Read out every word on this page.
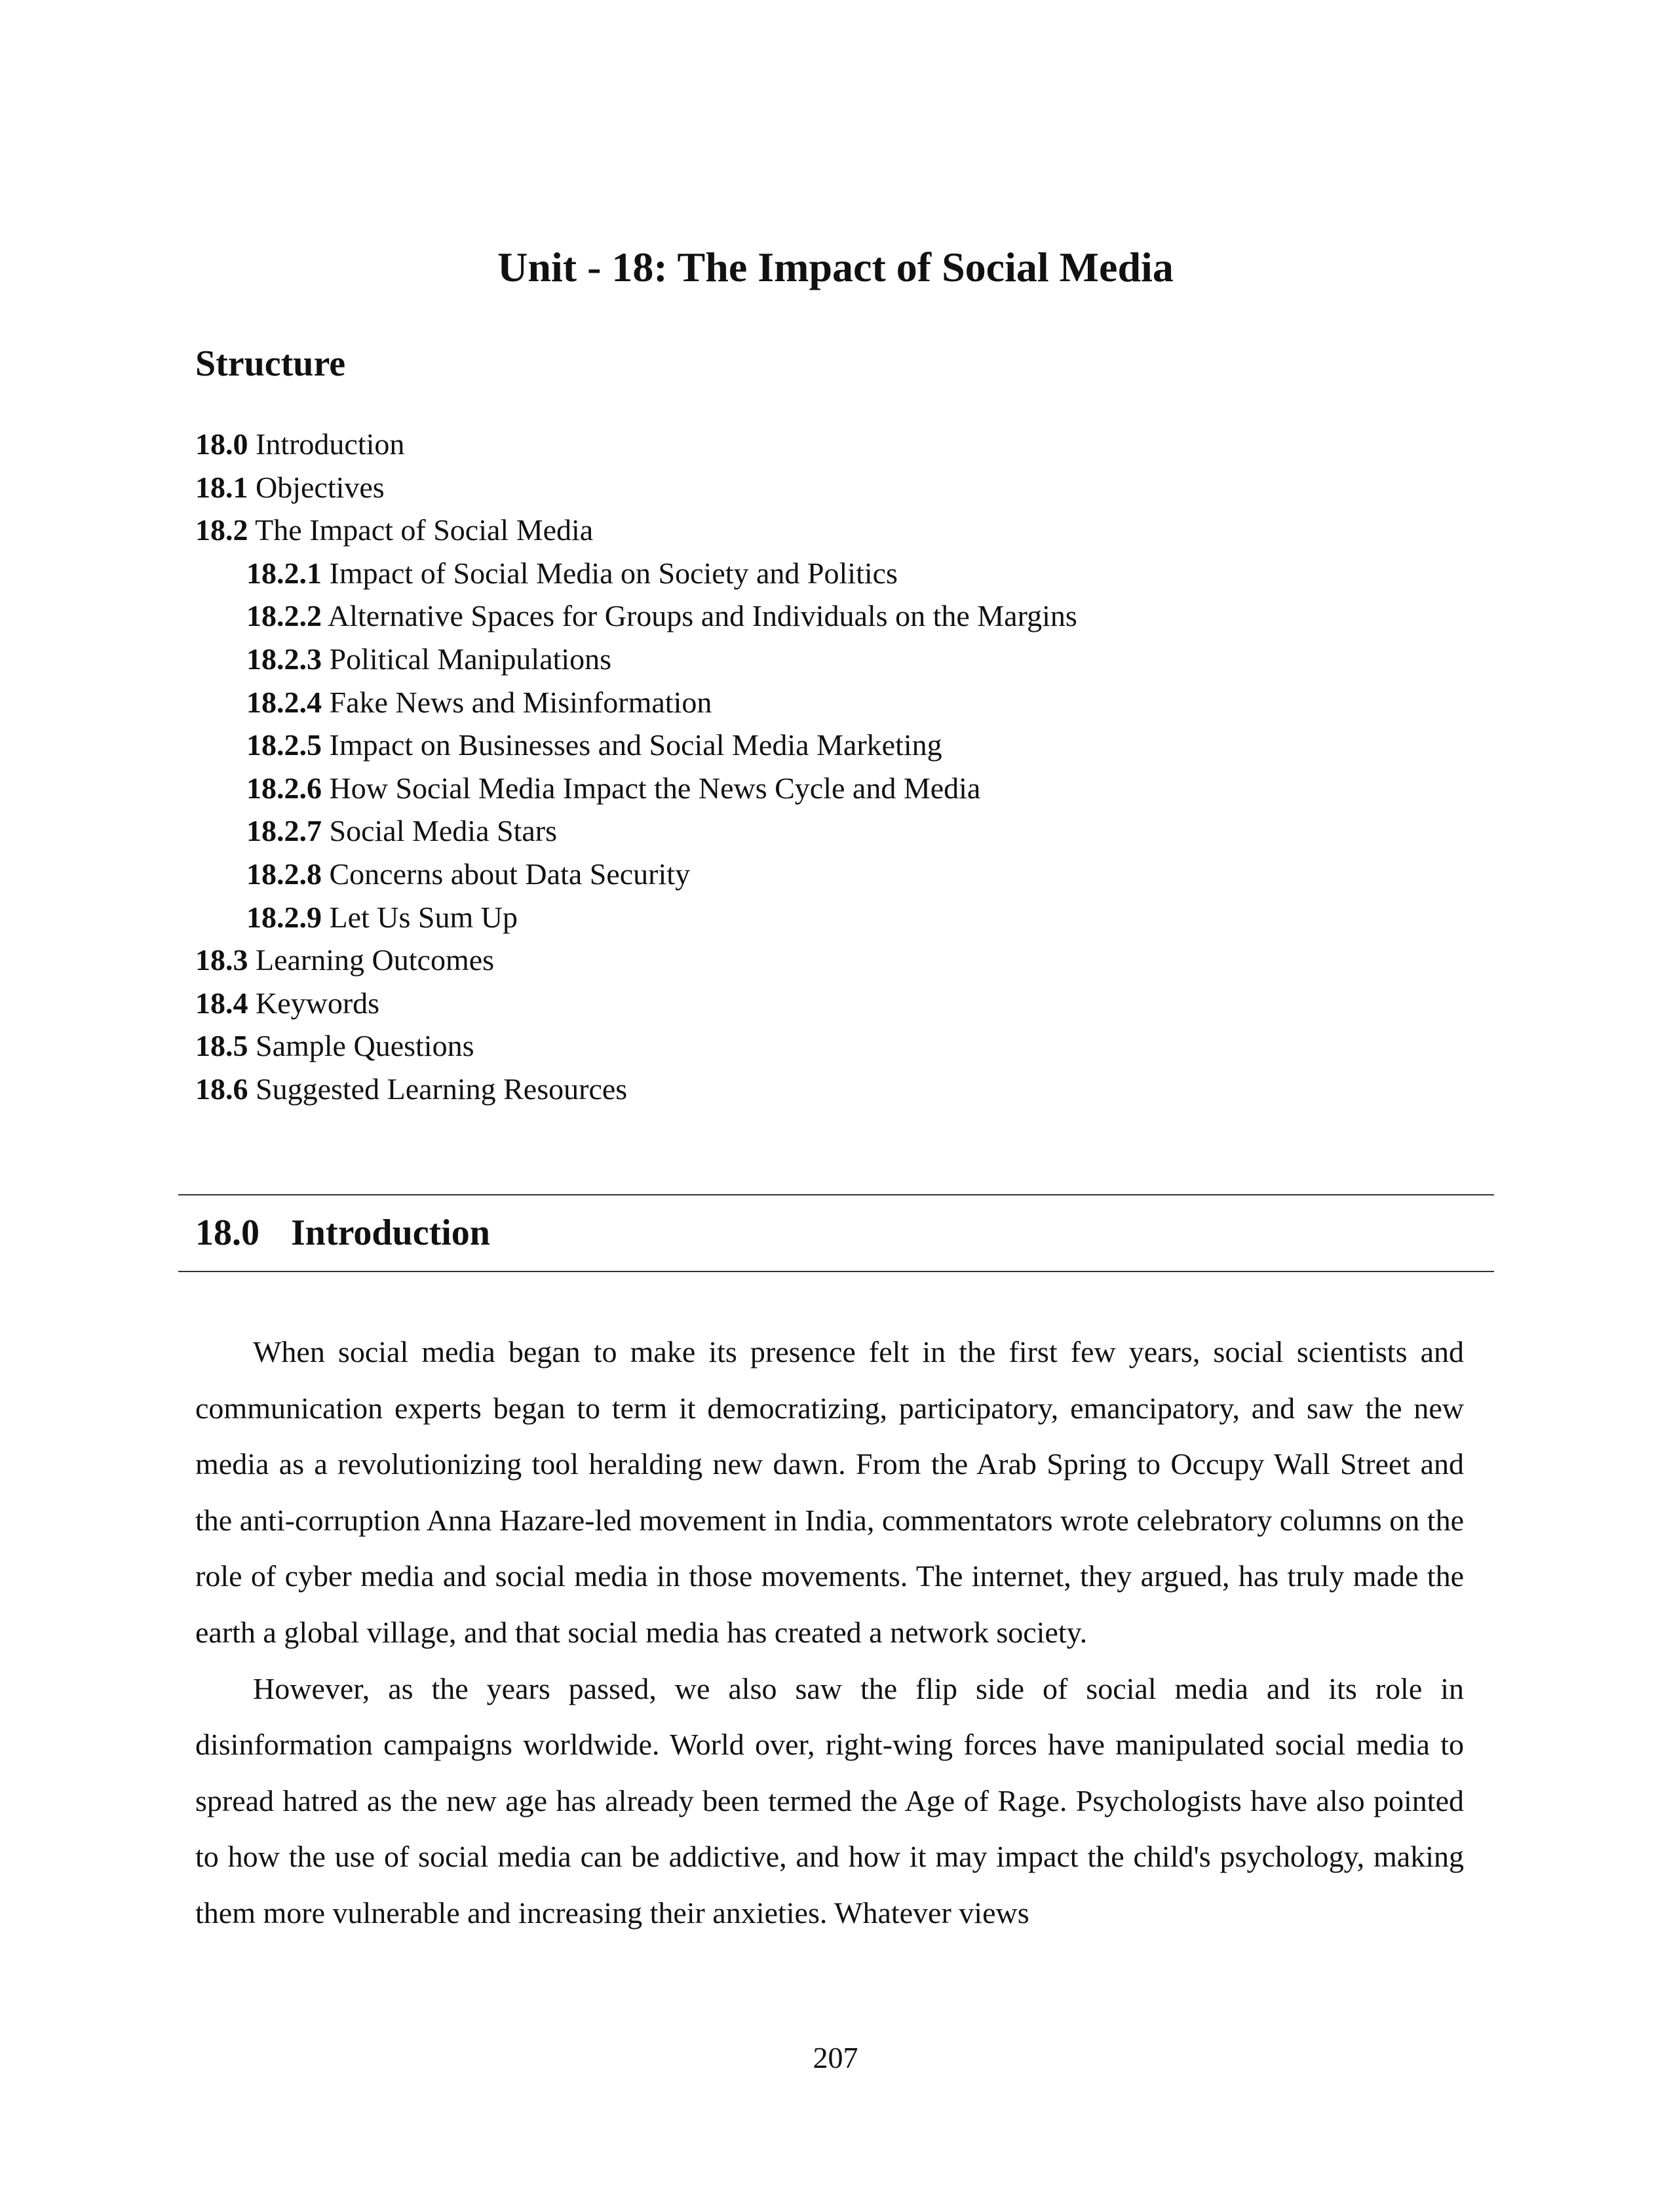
Unit - 18: The Impact of Social Media
Structure
18.0 Introduction
18.1 Objectives
18.2 The Impact of Social Media
18.2.1 Impact of Social Media on Society and Politics
18.2.2 Alternative Spaces for Groups and Individuals on the Margins
18.2.3 Political Manipulations
18.2.4 Fake News and Misinformation
18.2.5 Impact on Businesses and Social Media Marketing
18.2.6 How Social Media Impact the News Cycle and Media
18.2.7 Social Media Stars
18.2.8 Concerns about Data Security
18.2.9 Let Us Sum Up
18.3 Learning Outcomes
18.4 Keywords
18.5 Sample Questions
18.6 Suggested Learning Resources
18.0 Introduction

When social media began to make its presence felt in the first few years, social scientists and communication experts began to term it democratizing, participatory, emancipatory, and saw the new media as a revolutionizing tool heralding new dawn. From the Arab Spring to Occupy Wall Street and the anti-corruption Anna Hazare-led movement in India, commentators wrote celebratory columns on the role of cyber media and social media in those movements. The internet, they argued, has truly made the earth a global village, and that social media has created a network society.

However, as the years passed, we also saw the flip side of social media and its role in disinformation campaigns worldwide. World over, right-wing forces have manipulated social media to spread hatred as the new age has already been termed the Age of Rage. Psychologists have also pointed to how the use of social media can be addictive, and how it may impact the child's psychology, making them more vulnerable and increasing their anxieties. Whatever views

207
